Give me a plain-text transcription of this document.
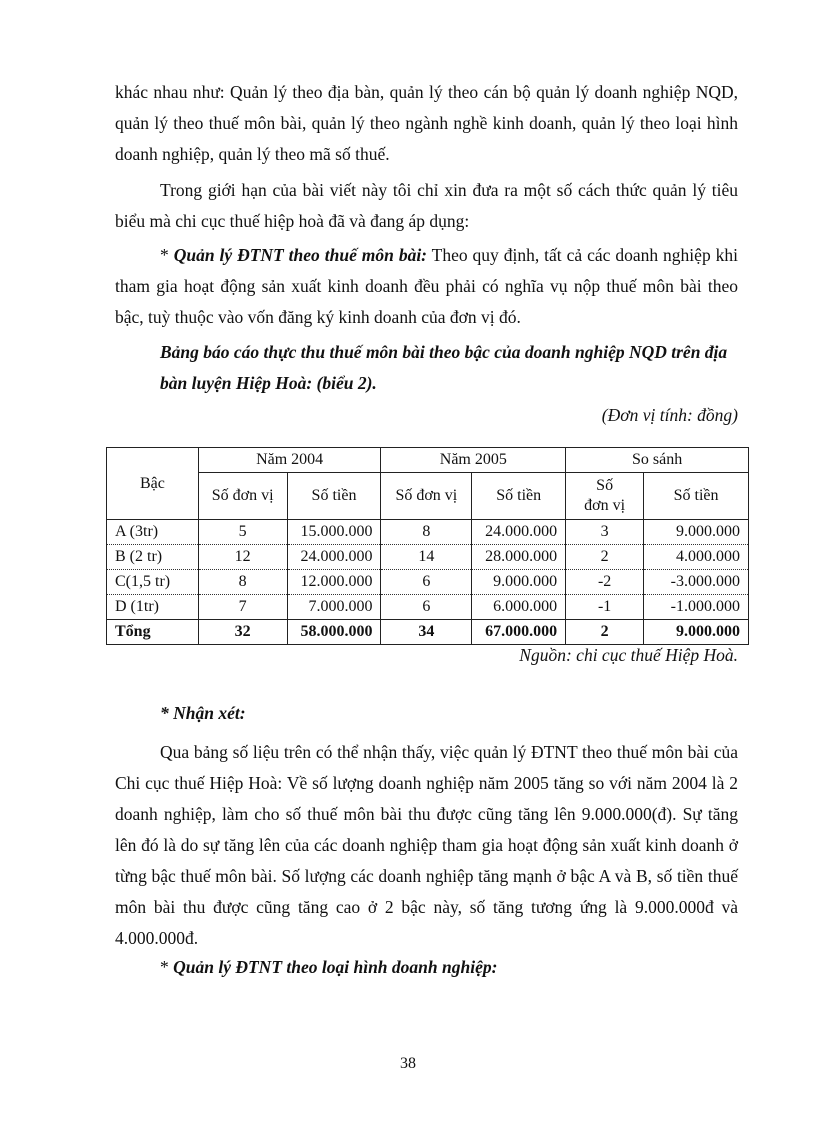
khác nhau như: Quản lý theo địa bàn, quản lý theo cán bộ quản lý doanh nghiệp NQD, quản lý theo thuế môn bài, quản lý theo ngành nghề kinh doanh, quản lý theo loại hình doanh nghiệp, quản lý theo mã số thuế.

Trong giới hạn của bài viết này tôi chỉ xin đưa ra một số cách thức quản lý tiêu biểu mà chi cục thuế hiệp hoà đã và đang áp dụng:

* Quản lý ĐTNT theo thuế môn bài: Theo quy định, tất cả các doanh nghiệp khi tham gia hoạt động sản xuất kinh doanh đều phải có nghĩa vụ nộp thuế môn bài theo bậc, tuỳ thuộc vào vốn đăng ký kinh doanh của đơn vị đó.

Bảng báo cáo thực thu thuế môn bài theo bậc của doanh nghiệp NQD trên địa bàn luyện Hiệp Hoà: (biểu 2).

(Đơn vị tính: đồng)
Bậc	Năm 2004		Năm 2005		So sánh	
	Số đơn vị	Số tiền	Số đơn vị	Số tiền	Số đơn vị	Số tiền
A (3tr)	5	15.000.000	8	24.000.000	3	9.000.000
B (2 tr)	12	24.000.000	14	28.000.000	2	4.000.000
C(1,5 tr)	8	12.000.000	6	9.000.000	-2	-3.000.000
D (1tr)	7	7.000.000	6	6.000.000	-1	-1.000.000
Tổng	32	58.000.000	34	67.000.000	2	9.000.000
Nguồn: chi cục thuế Hiệp Hoà.
* Nhận xét:

Qua bảng số liệu trên có thể nhận thấy, việc quản lý ĐTNT theo thuế môn bài của Chi cục thuế Hiệp Hoà: Về số lượng doanh nghiệp năm 2005 tăng so với năm 2004 là 2 doanh nghiệp, làm cho số thuế môn bài thu được cũng tăng lên 9.000.000(đ). Sự tăng lên đó là do sự tăng lên của các doanh nghiệp tham gia hoạt động sản xuất kinh doanh ở từng bậc thuế môn bài. Số lượng các doanh nghiệp tăng mạnh ở bậc A và B, số tiền thuế môn bài thu được cũng tăng cao ở 2 bậc này, số tăng tương ứng là 9.000.000đ và 4.000.000đ.

* Quản lý ĐTNT theo loại hình doanh nghiệp:
38
